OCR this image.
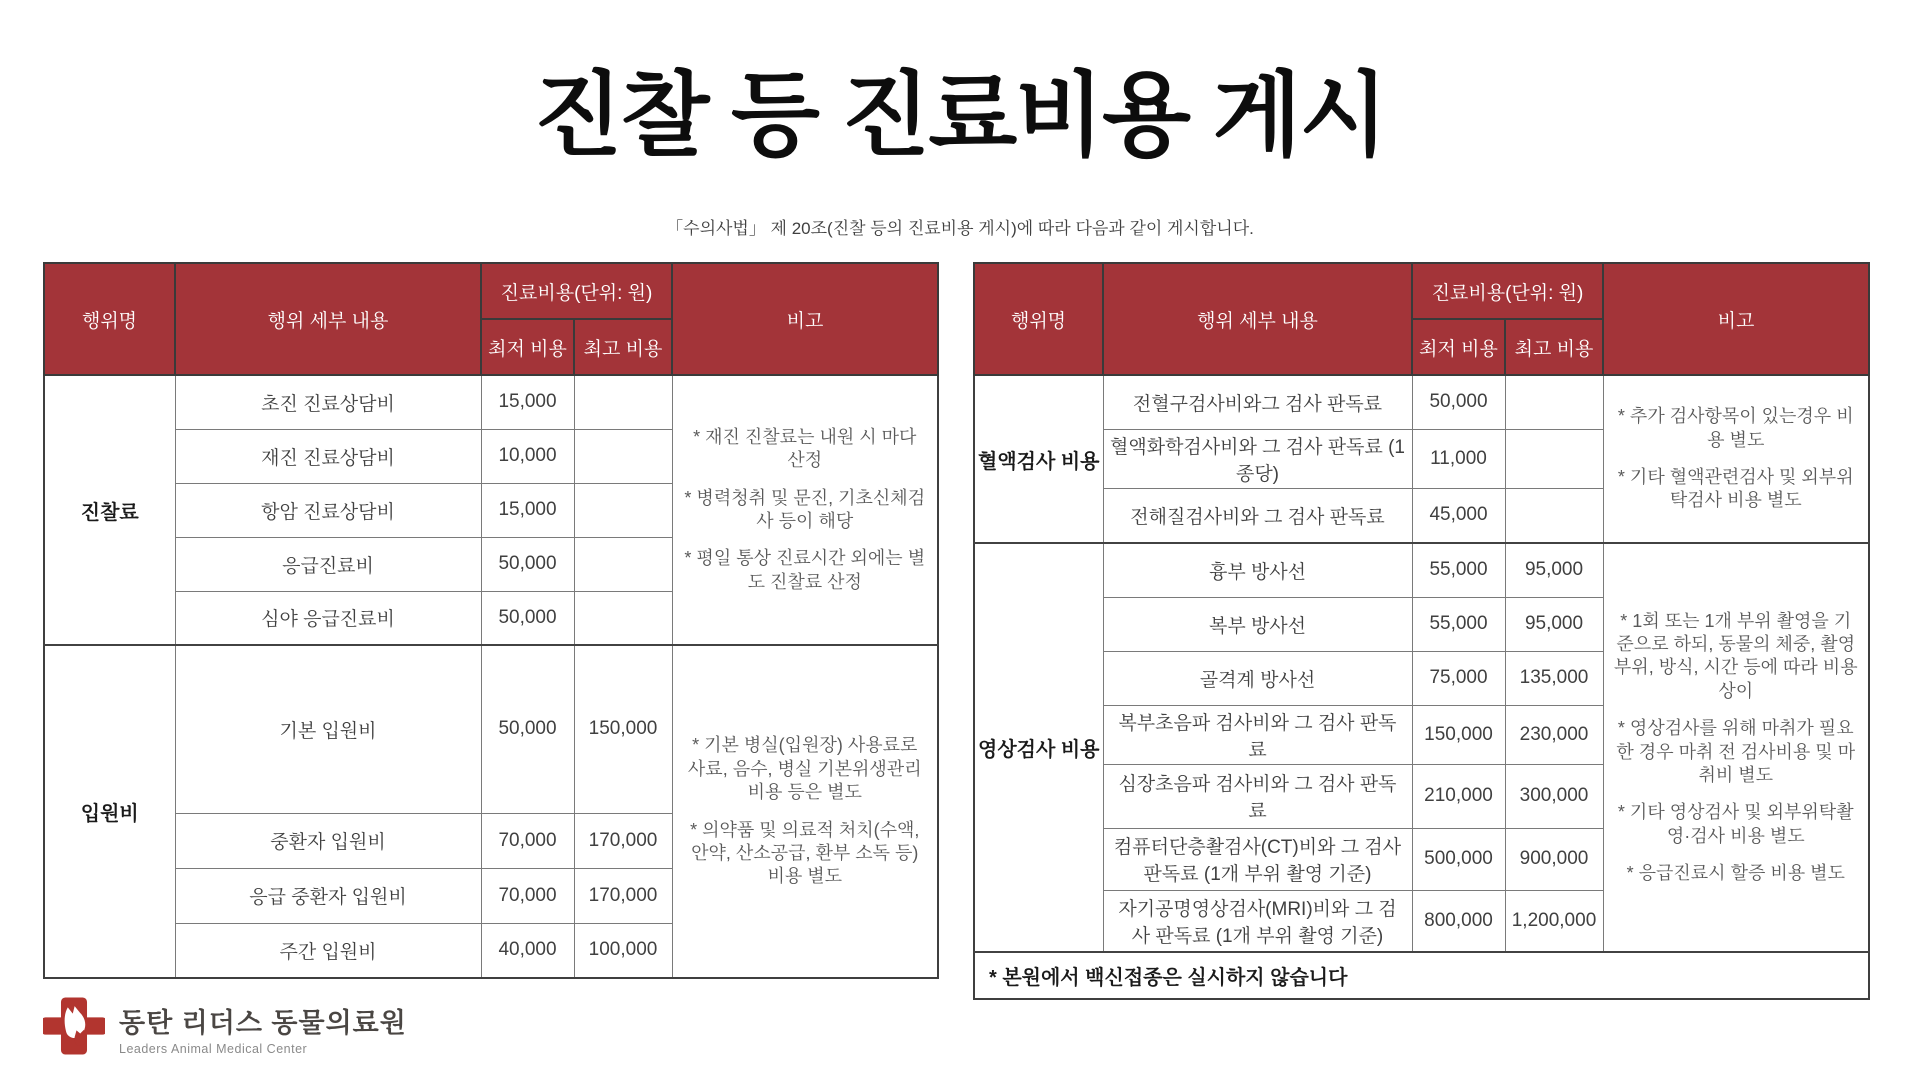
진찰 등 진료비용 게시
「수의사법」 제 20조(진찰 등의 진료비용 게시)에 따라 다음과 같이 게시합니다.
행위명	행위 세부 내용	진료비용(단위: 원)		비고
		최저 비용	최고 비용	
진찰료	초진 진료상담비	15,000		* 재진 진찰료는 내원 시 마다 산정
* 병력청취 및 문진, 기초신체검사 등이 해당
* 평일 통상 진료시간 외에는 별도 진찰료 산정

	재진 진료상담비	10,000		
	항암 진료상담비	15,000		
	응급진료비	50,000		
	심야 응급진료비	50,000		
입원비	기본 입원비	50,000	150,000	* 기본 병실(입원장) 사용료로 사료, 음수, 병실 기본위생관리 비용 등은 별도
* 의약품 및 의료적 처치(수액, 안약, 산소공급, 환부 소독 등)비용 별도

	중환자 입원비	70,000	170,000	
	응급 중환자 입원비	70,000	170,000	
	주간 입원비	40,000	100,000	
행위명	행위 세부 내용	진료비용(단위: 원)		비고
		최저 비용	최고 비용	
혈액검사 비용	전혈구검사비와그 검사 판독료	50,000		* 추가 검사항목이 있는경우 비용 별도
* 기타 혈액관련검사 및 외부위탁검사 비용 별도

	혈액화학검사비와 그 검사 판독료 (1종당)	11,000		
	전해질검사비와 그 검사 판독료	45,000		
영상검사 비용	흉부 방사선	55,000	95,000	* 1회 또는 1개 부위 촬영을 기준으로 하되, 동물의 체중, 촬영 부위, 방식, 시간 등에 따라 비용 상이
* 영상검사를 위해 마취가 필요한 경우 마취 전 검사비용 및 마취비 별도
* 기타 영상검사 및 외부위탁촬영·검사 비용 별도
* 응급진료시 할증 비용 별도

	복부 방사선	55,000	95,000	
	골격계 방사선	75,000	135,000	
	복부초음파 검사비와 그 검사 판독료	150,000	230,000	
	심장초음파 검사비와 그 검사 판독료	210,000	300,000	
	컴퓨터단층촬검사(CT)비와 그 검사 판독료 (1개 부위 촬영 기준)	500,000	900,000	
	자기공명영상검사(MRI)비와 그 검사 판독료 (1개 부위 촬영 기준)	800,000	1,200,000	
* 본원에서 백신접종은 실시하지 않습니다				
동탄 리더스 동물의료원
Leaders Animal Medical Center
